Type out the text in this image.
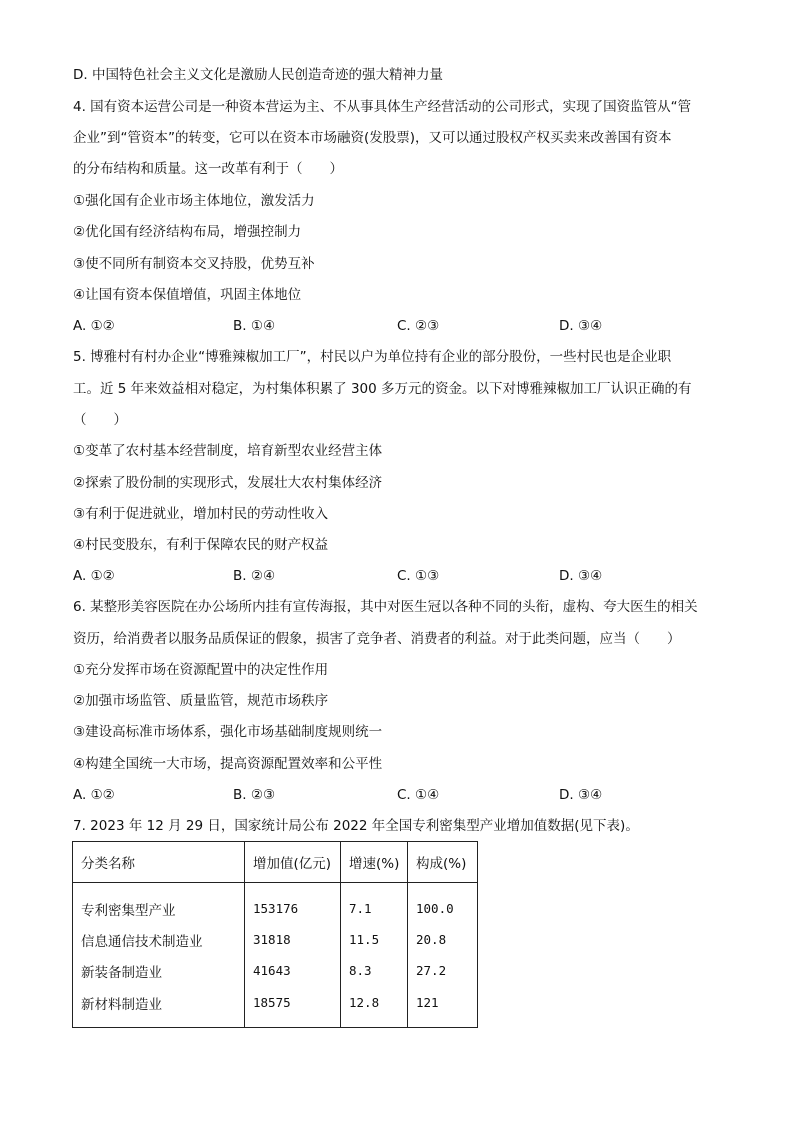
D. 中国特色社会主义文化是激励人民创造奇迹的强大精神力量
4. 国有资本运营公司是一种资本营运为主、不从事具体生产经营活动的公司形式，实现了国资监管从“管
企业”到“管资本”的转变，它可以在资本市场融资(发股票)，又可以通过股权产权买卖来改善国有资本
的分布结构和质量。这一改革有利于（　　）
①强化国有企业市场主体地位，激发活力
②优化国有经济结构布局，增强控制力
③使不同所有制资本交叉持股，优势互补
④让国有资本保值增值，巩固主体地位
A. ①②	B. ①④	C. ②③	D. ③④
5. 博雅村有村办企业“博雅辣椒加工厂”，村民以户为单位持有企业的部分股份，一些村民也是企业职
工。近 5 年来效益相对稳定，为村集体积累了 300 多万元的资金。以下对博雅辣椒加工厂认识正确的有
（　　）
①变革了农村基本经营制度，培育新型农业经营主体
②探索了股份制的实现形式，发展壮大农村集体经济
③有利于促进就业，增加村民的劳动性收入
④村民变股东，有利于保障农民的财产权益
A. ①②	B. ②④	C. ①③	D. ③④
6. 某整形美容医院在办公场所内挂有宣传海报，其中对医生冠以各种不同的头衔，虚构、夸大医生的相关
资历，给消费者以服务品质保证的假象，损害了竞争者、消费者的利益。对于此类问题，应当（　　）
①充分发挥市场在资源配置中的决定性作用
②加强市场监管、质量监管，规范市场秩序
③建设高标准市场体系，强化市场基础制度规则统一
④构建全国统一大市场，提高资源配置效率和公平性
A. ①②	B. ②③	C. ①④	D. ③④
7. 2023 年 12 月 29 日，国家统计局公布 2022 年全国专利密集型产业增加值数据(见下表)。
分类名称	增加值(亿元)	增速(%)	构成(%)
专利密集型产业	153176	7.1	100.0
信息通信技术制造业	31818	11.5	20.8
新装备制造业	41643	8.3	27.2
新材料制造业	18575	12.8	121
